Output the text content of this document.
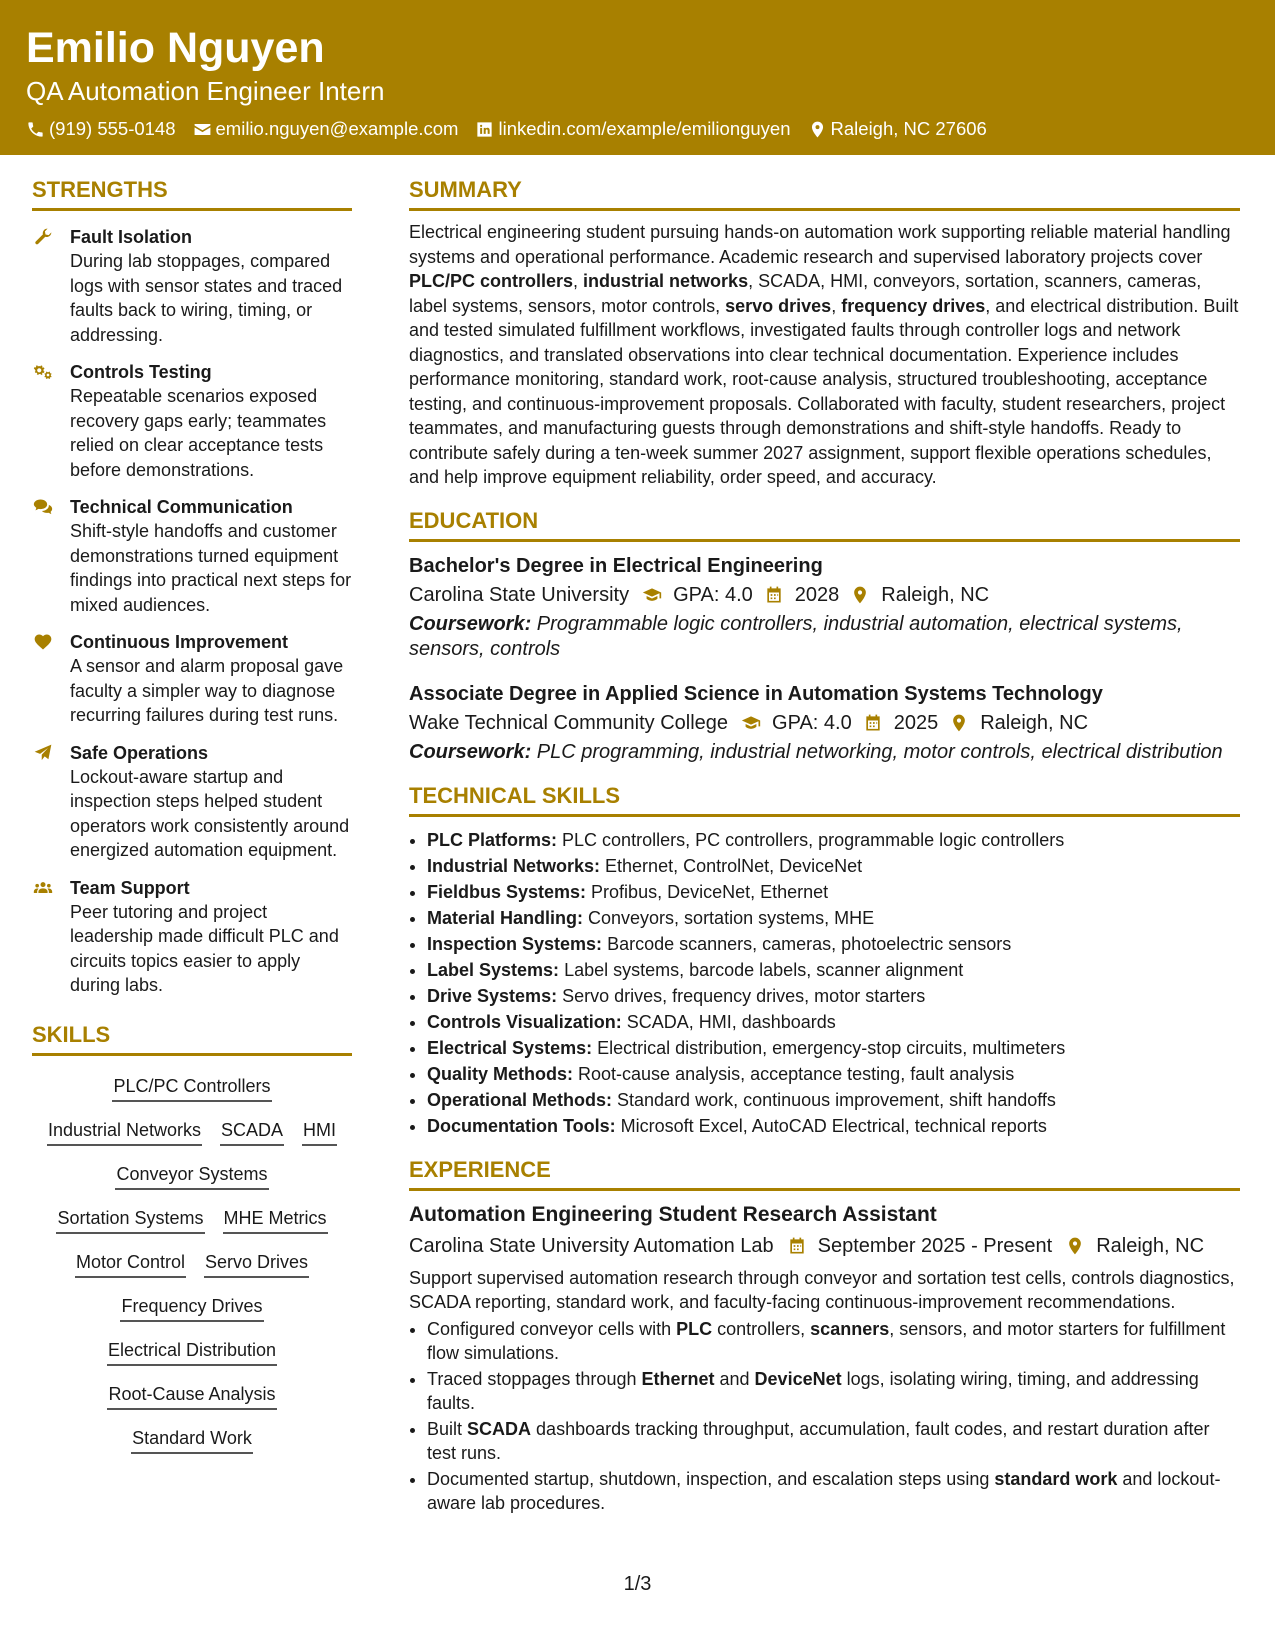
Emilio Nguyen
QA Automation Engineer Intern
(919) 555-0148 emilio.nguyen@example.com linkedin.com/example/emilionguyen Raleigh, NC 27606
STRENGTHS
Fault Isolation
During lab stoppages, compared logs with sensor states and traced faults back to wiring, timing, or addressing.
Controls Testing
Repeatable scenarios exposed recovery gaps early; teammates relied on clear acceptance tests before demonstrations.
Technical Communication
Shift-style handoffs and customer demonstrations turned equipment findings into practical next steps for mixed audiences.
Continuous Improvement
A sensor and alarm proposal gave faculty a simpler way to diagnose recurring failures during test runs.
Safe Operations
Lockout-aware startup and inspection steps helped student operators work consistently around energized automation equipment.
Team Support
Peer tutoring and project leadership made difficult PLC and circuits topics easier to apply during labs.
SKILLS
PLC/PC Controllers
Industrial Networks SCADA HMI
Conveyor Systems
Sortation Systems MHE Metrics
Motor Control Servo Drives
Frequency Drives
Electrical Distribution
Root-Cause Analysis
Standard Work
SUMMARY
Electrical engineering student pursuing hands-on automation work supporting reliable material handling systems and operational performance. Academic research and supervised laboratory projects cover PLC/PC controllers, industrial networks, SCADA, HMI, conveyors, sortation, scanners, cameras, label systems, sensors, motor controls, servo drives, frequency drives, and electrical distribution. Built and tested simulated fulfillment workflows, investigated faults through controller logs and network diagnostics, and translated observations into clear technical documentation. Experience includes performance monitoring, standard work, root-cause analysis, structured troubleshooting, acceptance testing, and continuous-improvement proposals. Collaborated with faculty, student researchers, project teammates, and manufacturing guests through demonstrations and shift-style handoffs. Ready to contribute safely during a ten-week summer 2027 assignment, support flexible operations schedules, and help improve equipment reliability, order speed, and accuracy.
EDUCATION
Bachelor's Degree in Electrical Engineering
Carolina State University GPA: 4.0 2028 Raleigh, NC
Coursework: Programmable logic controllers, industrial automation, electrical systems, sensors, controls
Associate Degree in Applied Science in Automation Systems Technology
Wake Technical Community College GPA: 4.0 2025 Raleigh, NC
Coursework: PLC programming, industrial networking, motor controls, electrical distribution
TECHNICAL SKILLS
• PLC Platforms: PLC controllers, PC controllers, programmable logic controllers
• Industrial Networks: Ethernet, ControlNet, DeviceNet
• Fieldbus Systems: Profibus, DeviceNet, Ethernet
• Material Handling: Conveyors, sortation systems, MHE
• Inspection Systems: Barcode scanners, cameras, photoelectric sensors
• Label Systems: Label systems, barcode labels, scanner alignment
• Drive Systems: Servo drives, frequency drives, motor starters
• Controls Visualization: SCADA, HMI, dashboards
• Electrical Systems: Electrical distribution, emergency-stop circuits, multimeters
• Quality Methods: Root-cause analysis, acceptance testing, fault analysis
• Operational Methods: Standard work, continuous improvement, shift handoffs
• Documentation Tools: Microsoft Excel, AutoCAD Electrical, technical reports
EXPERIENCE
Automation Engineering Student Research Assistant
Carolina State University Automation Lab September 2025 - Present Raleigh, NC
Support supervised automation research through conveyor and sortation test cells, controls diagnostics, SCADA reporting, standard work, and faculty-facing continuous-improvement recommendations.
• Configured conveyor cells with PLC controllers, scanners, sensors, and motor starters for fulfillment flow simulations.
• Traced stoppages through Ethernet and DeviceNet logs, isolating wiring, timing, and addressing faults.
• Built SCADA dashboards tracking throughput, accumulation, fault codes, and restart duration after test runs.
• Documented startup, shutdown, inspection, and escalation steps using standard work and lockout-aware lab procedures.
1/3
